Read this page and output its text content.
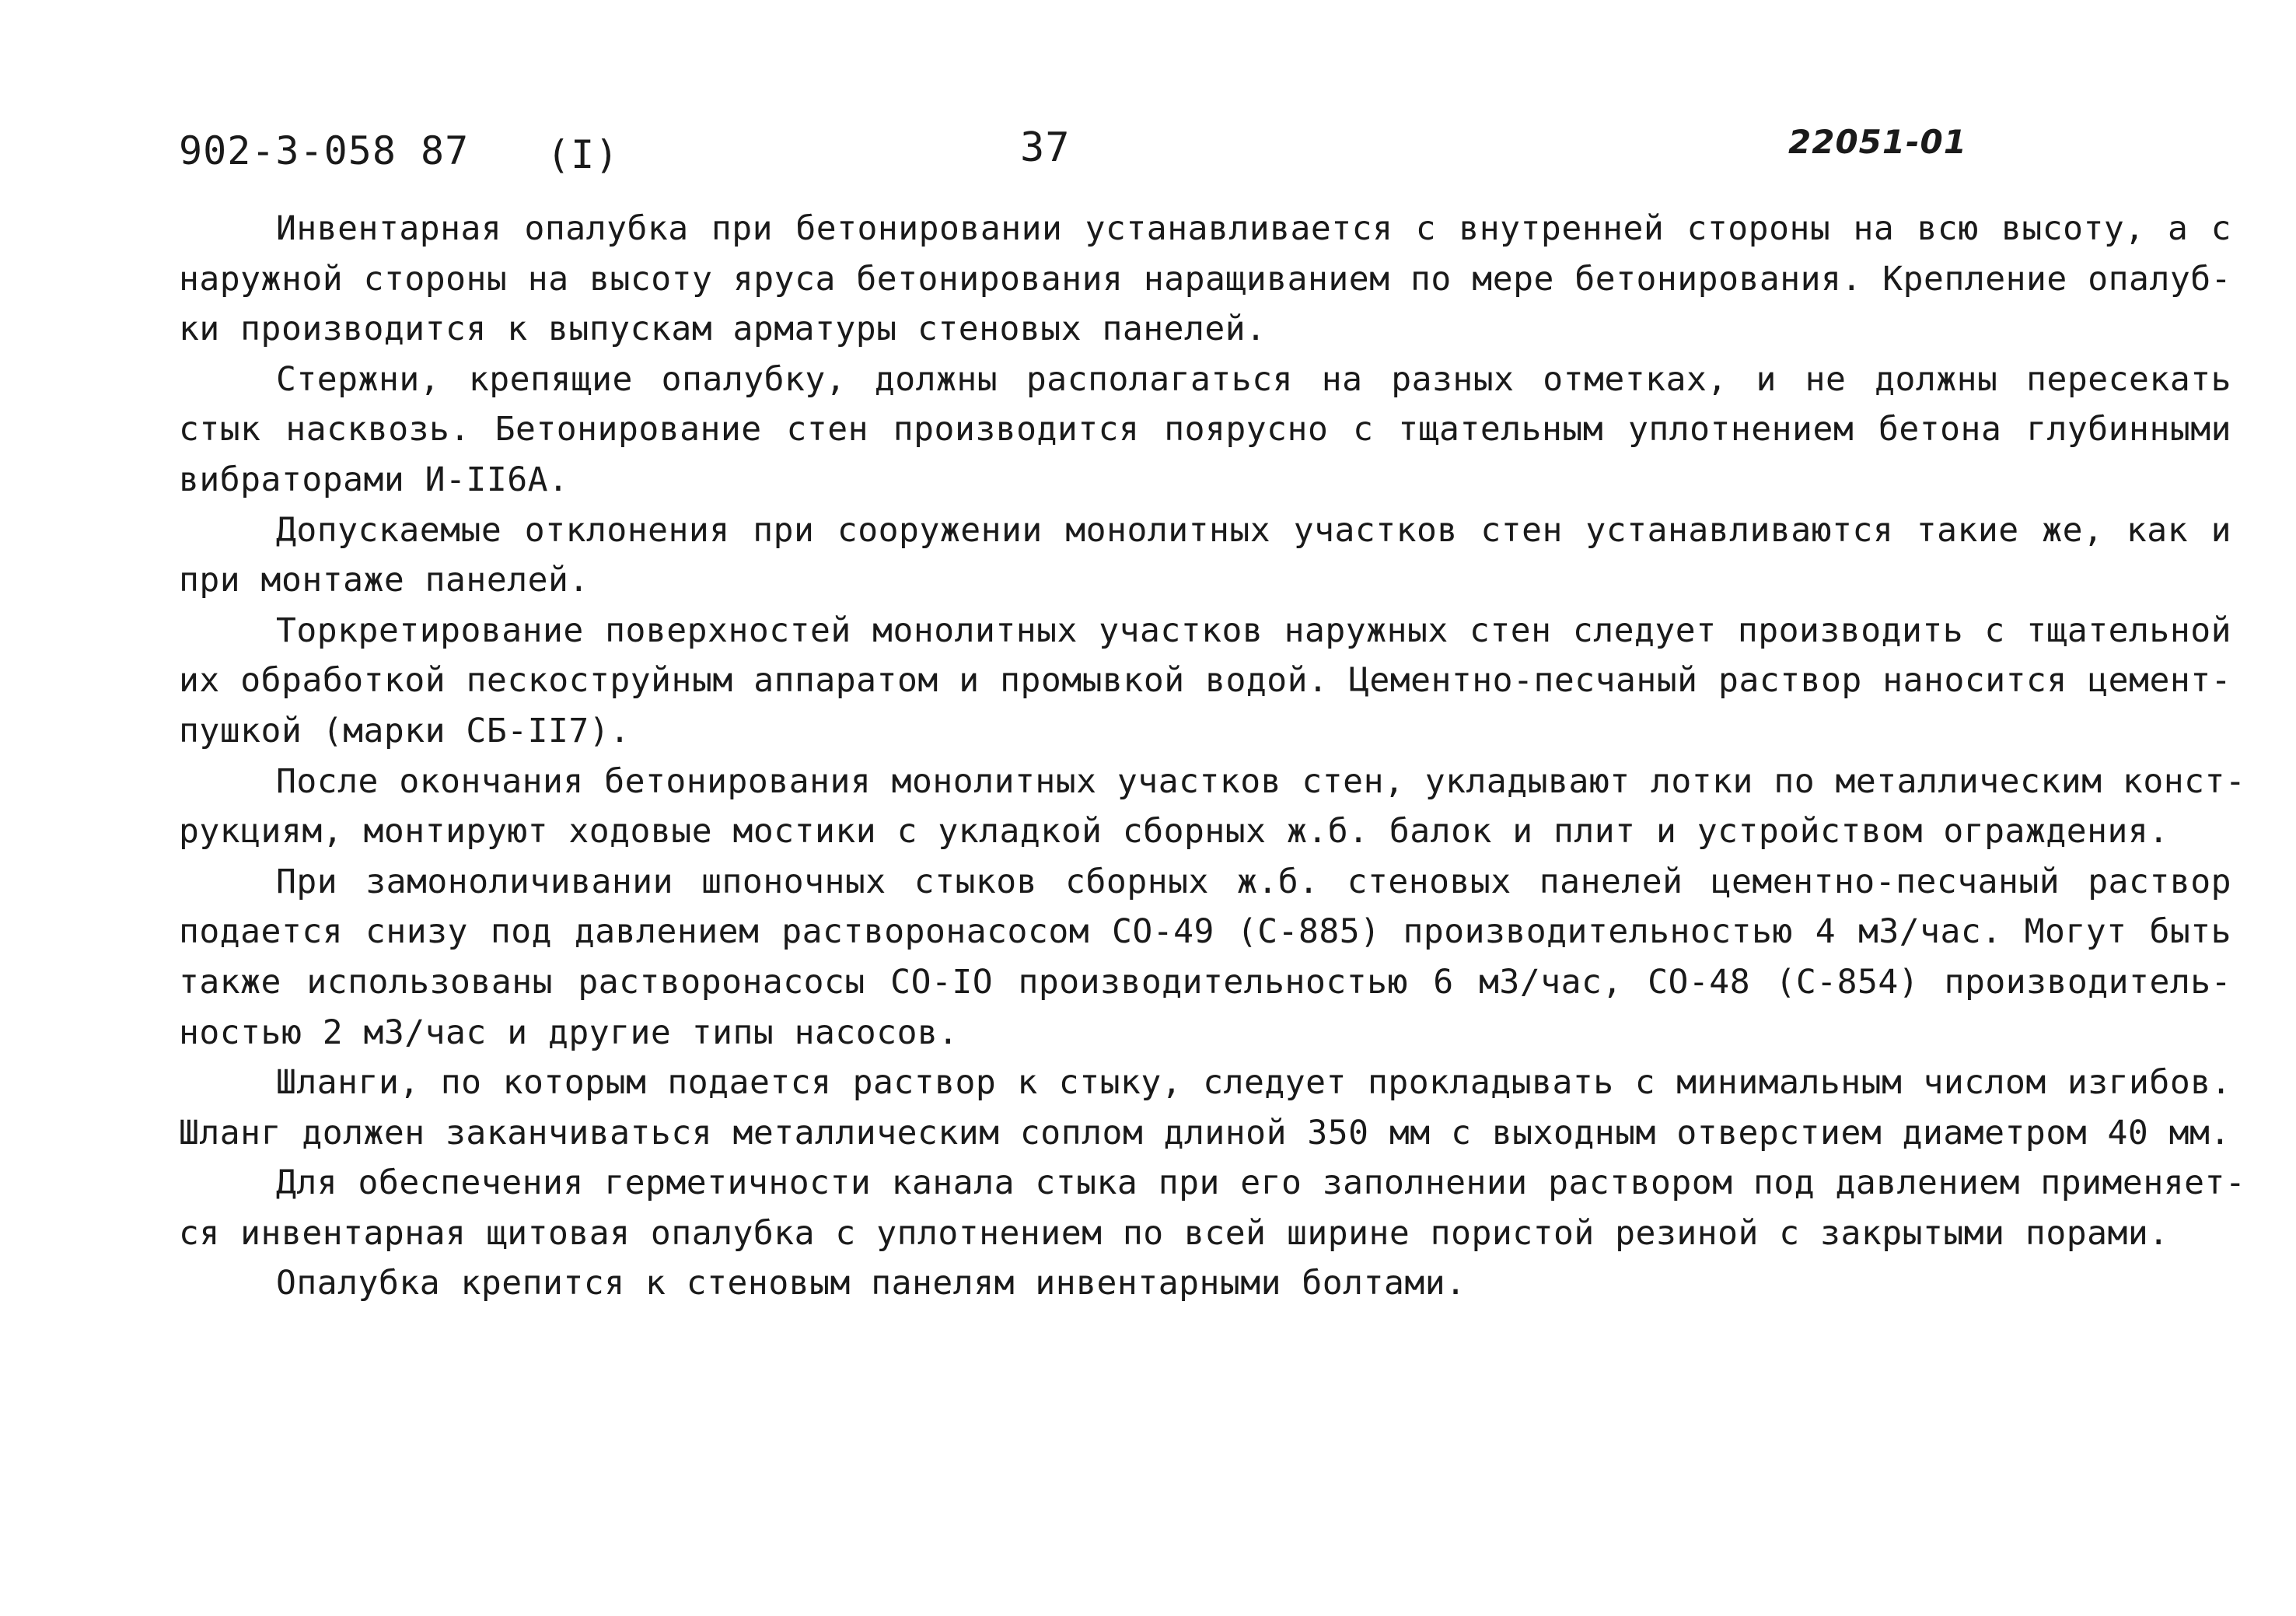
902-3-058 87 (I)	37	22051-01
Инвентарная опалубка при бетонировании устанавливается с внутренней стороны на всю высоту, а с
наружной стороны на высоту яруса бетонирования наращиванием по мере бетонирования. Крепление опалуб-
ки производится к выпускам арматуры стеновых панелей.
Стержни, крепящие опалубку, должны располагаться на разных отметках, и не должны пересекать
стык насквозь. Бетонирование стен производится поярусно с тщательным уплотнением бетона глубинными
вибраторами И-II6А.
Допускаемые отклонения при сооружении монолитных участков стен устанавливаются такие же, как и
при монтаже панелей.
Торкретирование поверхностей монолитных участков наружных стен следует производить с тщательной
их обработкой пескоструйным аппаратом и промывкой водой. Цементно-песчаный раствор наносится цемент-
пушкой (марки СБ-II7).
После окончания бетонирования монолитных участков стен, укладывают лотки по металлическим конст-
рукциям, монтируют ходовые мостики с укладкой сборных ж.б. балок и плит и устройством ограждения.
При замоноличивании шпоночных стыков сборных ж.б. стеновых панелей цементно-песчаный раствор
подается снизу под давлением растворонасосом СО-49 (С-885) производительностью 4 м3/час. Могут быть
также использованы растворонасосы СО-IO производительностью 6 м3/час, СО-48 (С-854) производитель-
ностью 2 м3/час и другие типы насосов.
Шланги, по которым подается раствор к стыку, следует прокладывать с минимальным числом изгибов.
Шланг должен заканчиваться металлическим соплом длиной 350 мм с выходным отверстием диаметром 40 мм.
Для обеспечения герметичности канала стыка при его заполнении раствором под давлением применяет-
ся инвентарная щитовая опалубка с уплотнением по всей ширине пористой резиной с закрытыми порами.
Опалубка крепится к стеновым панелям инвентарными болтами.
